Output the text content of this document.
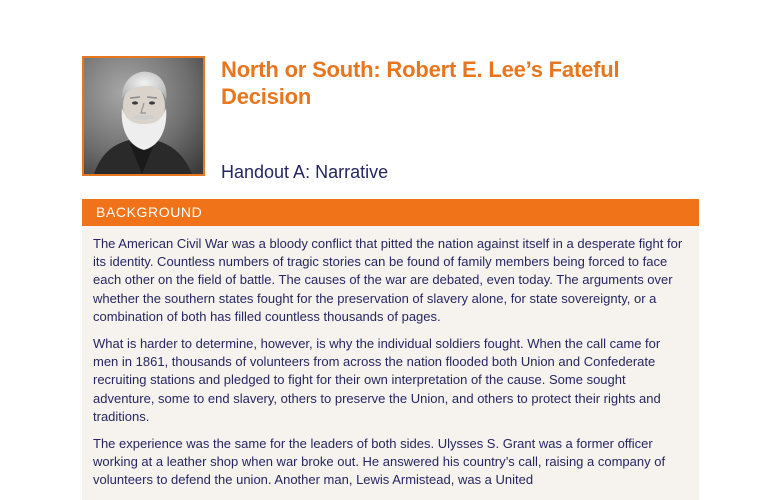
North or South: Robert E. Lee’s Fateful Decision
Handout A: Narrative
BACKGROUND

The American Civil War was a bloody conflict that pitted the nation against itself in a desperate fight for its identity. Countless numbers of tragic stories can be found of family members being forced to face each other on the field of battle. The causes of the war are debated, even today. The arguments over whether the southern states fought for the preservation of slavery alone, for state sovereignty, or a combination of both has filled countless thousands of pages.

What is harder to determine, however, is why the individual soldiers fought. When the call came for men in 1861, thousands of volunteers from across the nation flooded both Union and Confederate recruiting stations and pledged to fight for their own interpretation of the cause. Some sought adventure, some to end slavery, others to preserve the Union, and others to protect their rights and traditions.

The experience was the same for the leaders of both sides. Ulysses S. Grant was a former officer working at a leather shop when war broke out. He answered his country’s call, raising a company of volunteers to defend the union. Another man, Lewis Armistead, was a United
